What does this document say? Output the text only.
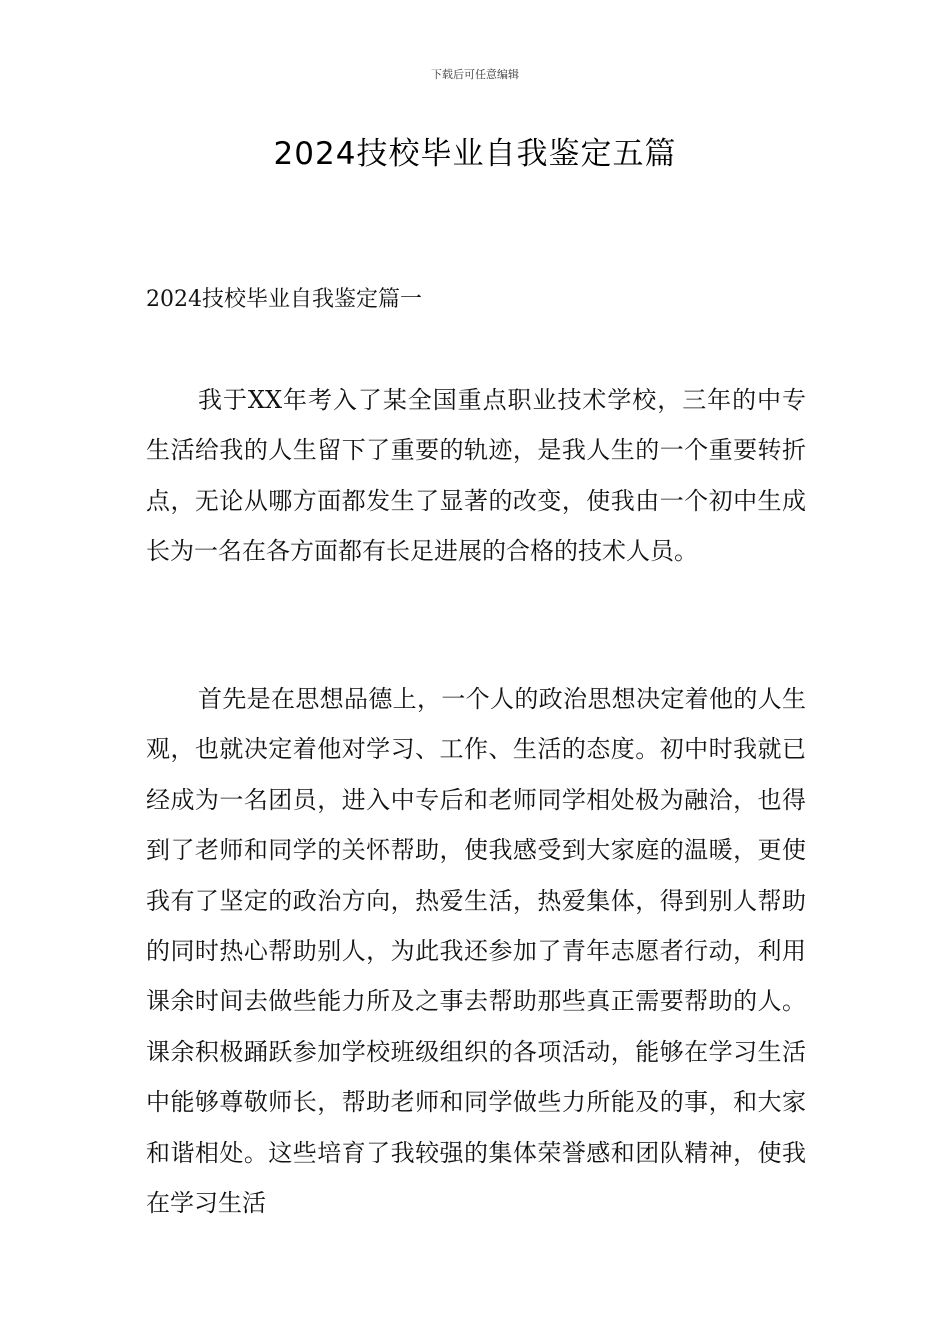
下载后可任意编辑
2024技校毕业自我鉴定五篇
2024技校毕业自我鉴定篇一

我于XX年考入了某全国重点职业技术学校，三年的中专生活给我的人生留下了重要的轨迹，是我人生的一个重要转折点，无论从哪方面都发生了显著的改变，使我由一个初中生成长为一名在各方面都有长足进展的合格的技术人员。

首先是在思想品德上，一个人的政治思想决定着他的人生观，也就决定着他对学习、工作、生活的态度。初中时我就已经成为一名团员，进入中专后和老师同学相处极为融洽，也得到了老师和同学的关怀帮助，使我感受到大家庭的温暖，更使我有了坚定的政治方向，热爱生活，热爱集体，得到别人帮助的同时热心帮助别人，为此我还参加了青年志愿者行动，利用课余时间去做些能力所及之事去帮助那些真正需要帮助的人。课余积极踊跃参加学校班级组织的各项活动，能够在学习生活中能够尊敬师长，帮助老师和同学做些力所能及的事，和大家和谐相处。这些培育了我较强的集体荣誉感和团队精神，使我在学习生活
